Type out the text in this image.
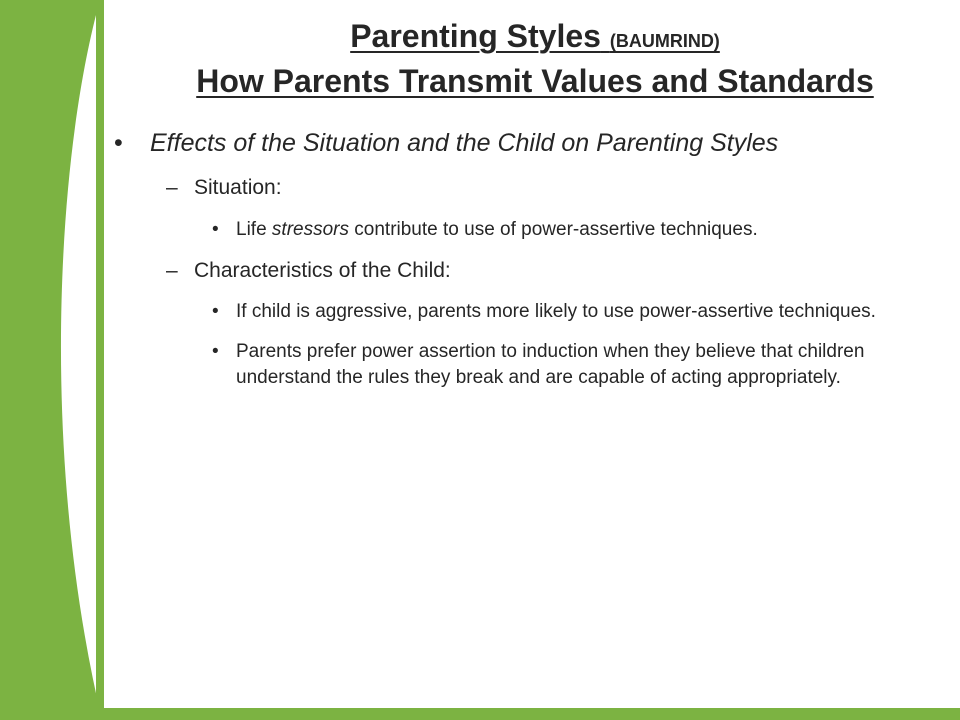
Parenting Styles (BAUMRIND)
How Parents Transmit Values and Standards
• Effects of the Situation and the Child on Parenting Styles
– Situation:
• Life stressors contribute to use of power-assertive techniques.
– Characteristics of the Child:
• If child is aggressive, parents more likely to use power-assertive techniques.
• Parents prefer power assertion to induction when they believe that children understand the rules they break and are capable of acting appropriately.
